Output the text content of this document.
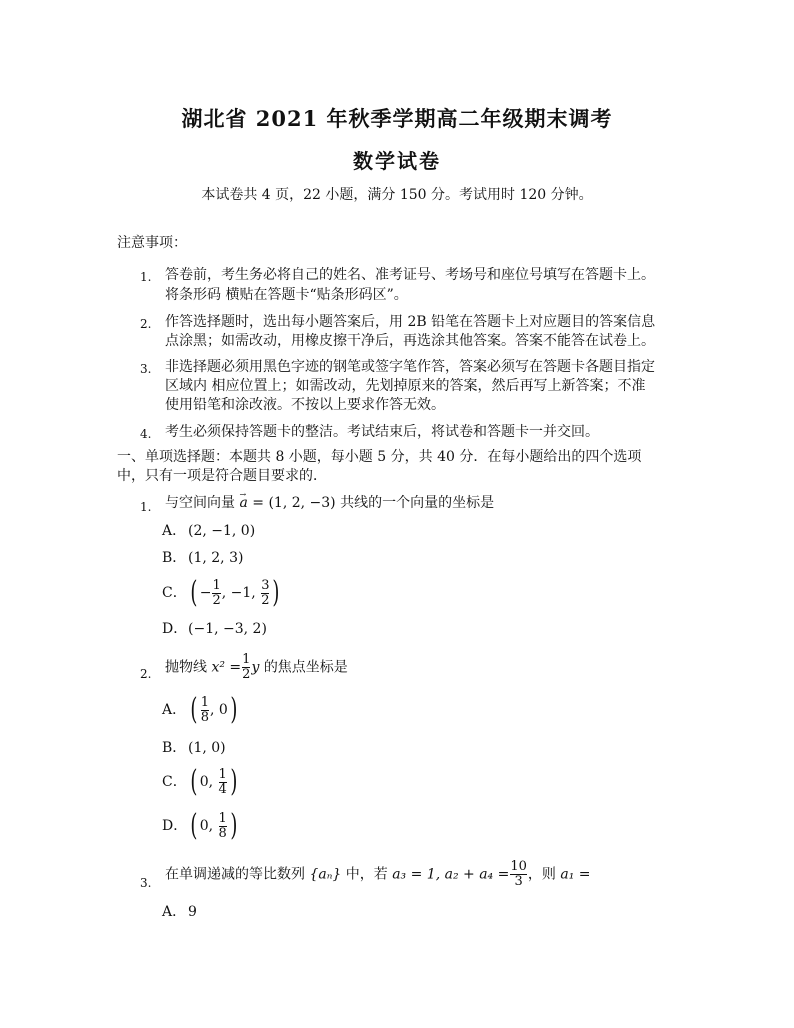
湖北省 2021 年秋季学期高二年级期末调考
数学试卷
本试卷共 4 页，22 小题，满分 150 分。考试用时 120 分钟。
注意事项：
1. 答卷前，考生务必将自己的姓名、准考证号、考场号和座位号填写在答题卡上。
将条形码 横贴在答题卡“贴条形码区”。
2. 作答选择题时，选出每小题答案后，用 2B 铅笔在答题卡上对应题目的答案信息
点涂黑；如需改动，用橡皮擦干净后，再选涂其他答案。答案不能答在试卷上。
3. 非选择题必须用黑色字迹的钢笔或签字笔作答，答案必须写在答题卡各题目指定
区域内 相应位置上；如需改动，先划掉原来的答案，然后再写上新答案；不准
使用铅笔和涂改液。不按以上要求作答无效。
4. 考生必须保持答题卡的整洁。考试结束后，将试卷和答题卡一并交回。
一、单项选择题：本题共 8 小题，每小题 5 分，共 40 分．在每小题给出的四个选项
中，只有一项是符合题目要求的．
1. 与空间向量 → a = (1, 2, −3) 共线的一个向量的坐标是
A． (2, −1, 0)
B． (1, 2, 3)
C． ( − $\frac{1}{2}$ , −1, $\frac{3}{2}$ )
D．(−1, −3, 2)
2. 抛物线 $x^2 = \frac{1}{2}$ y 的焦点坐标是
A． ( $\frac{1}{8}$ , 0)
B． (1, 0)
C． ( 0, $\frac{1}{4}$ )
D． ( 0, $\frac{1}{8}$ )
3.
在单调递减的等比数列 {aₙ} 中，若 a₃ = 1, $a_2 + a_4 = \frac{10}{3}$ ，则 a₁ =
A． 9
